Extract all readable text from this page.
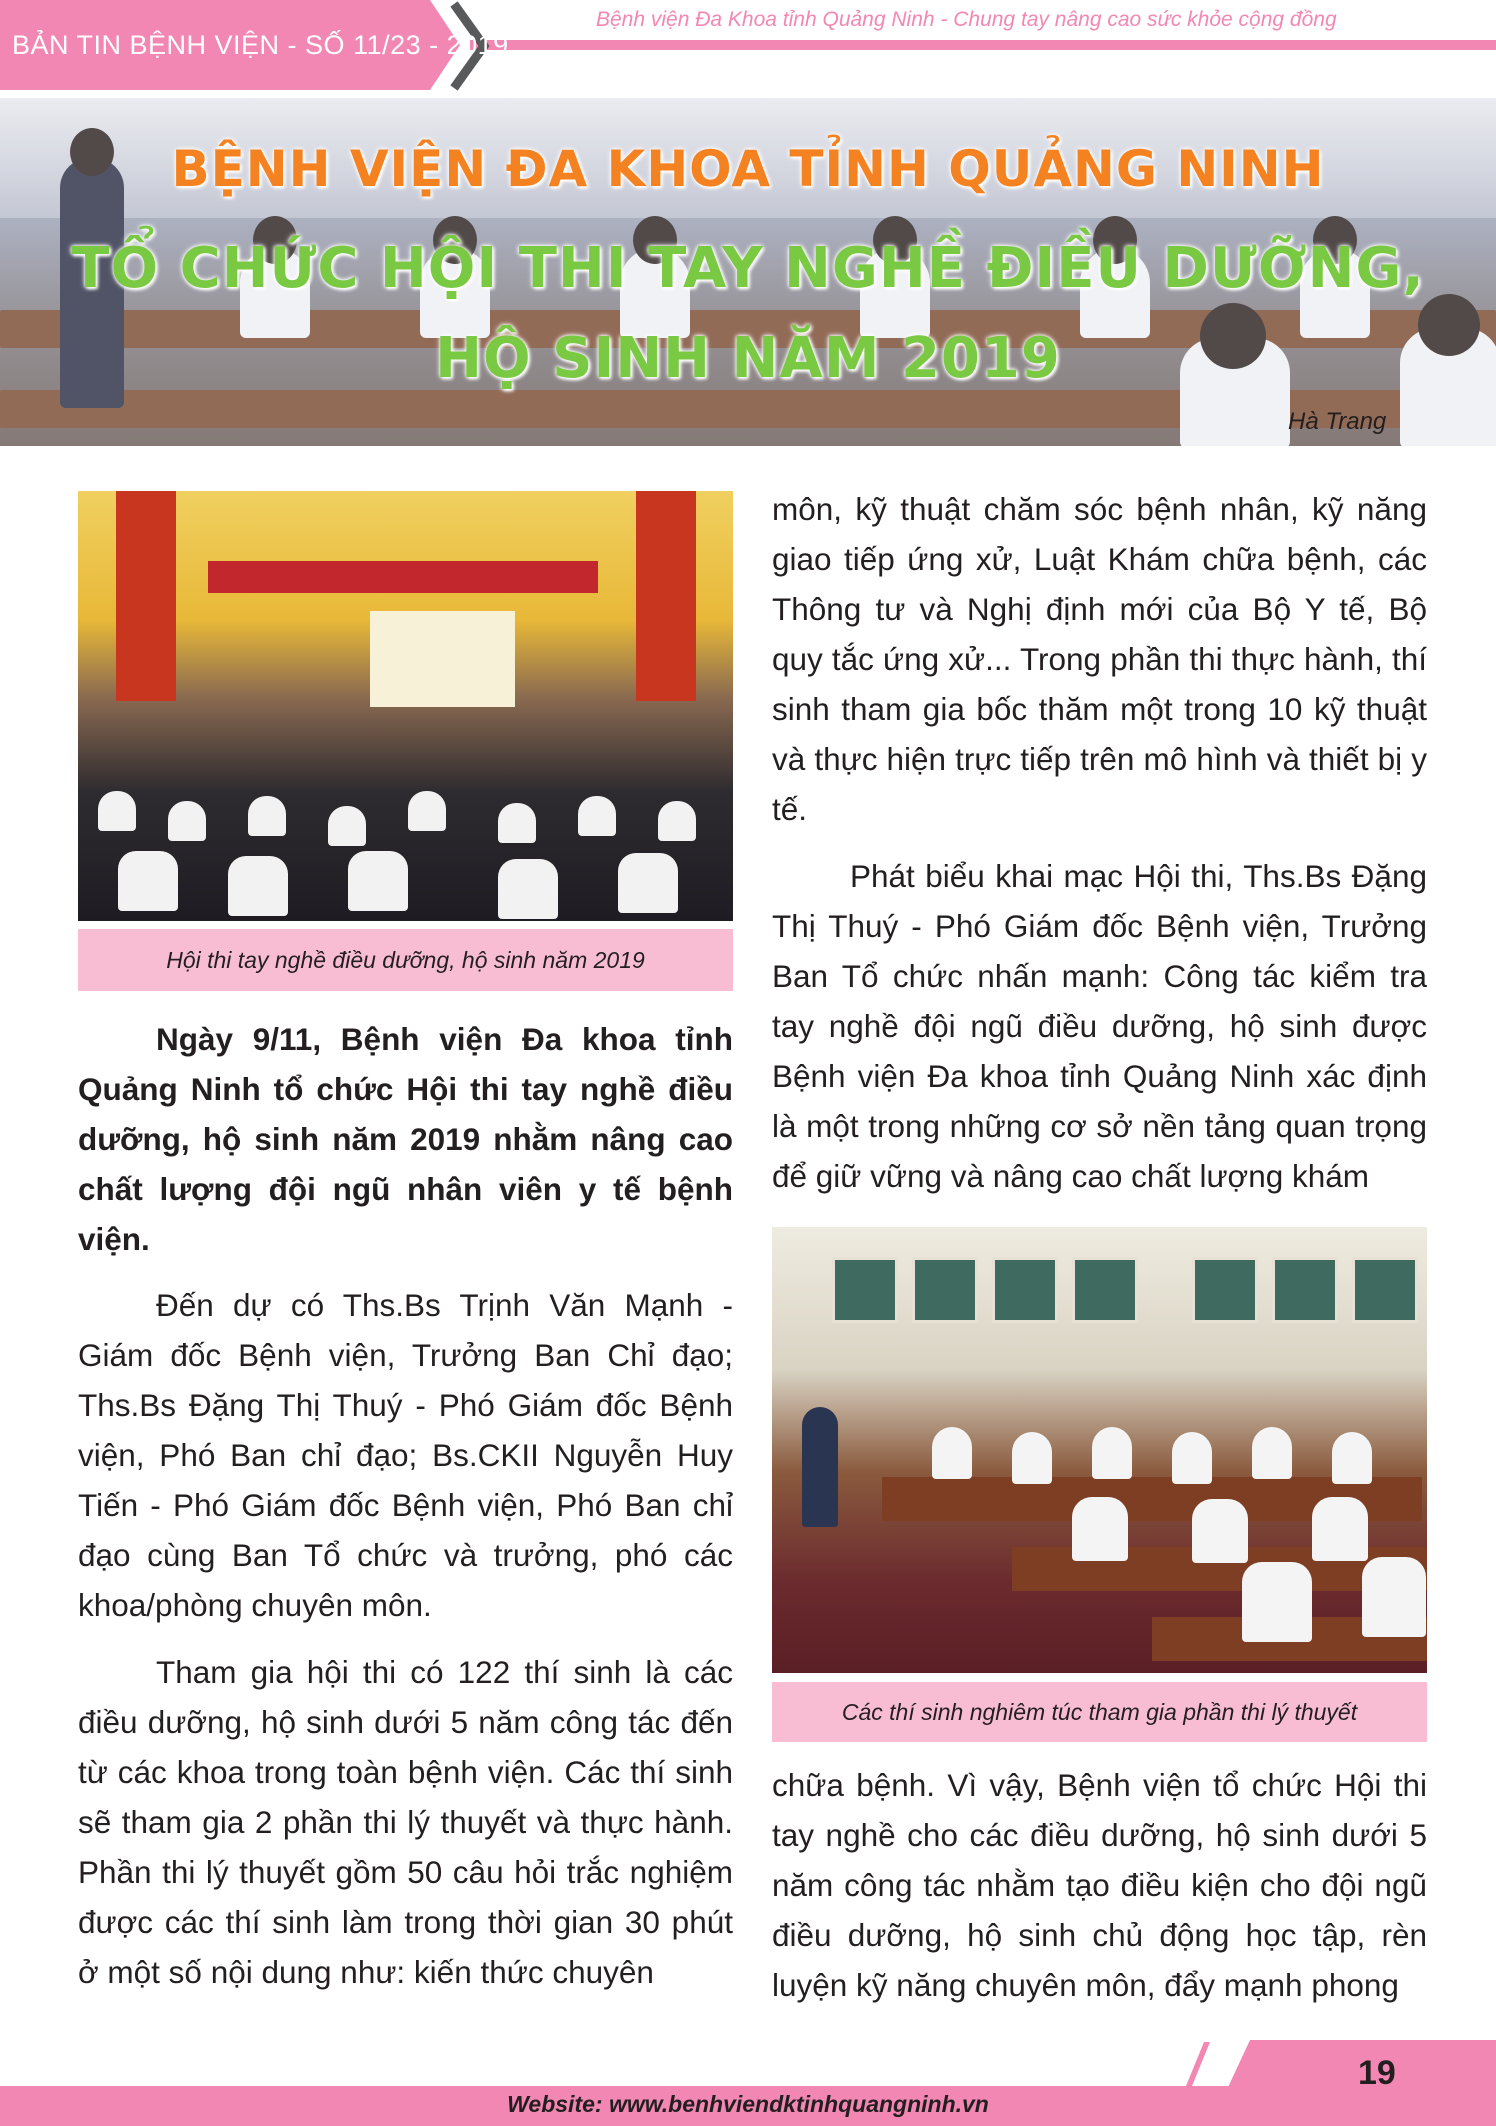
BẢN TIN BỆNH VIỆN - SỐ 11/23 - 2019
Bệnh viện Đa Khoa tỉnh Quảng Ninh - Chung tay nâng cao sức khỏe cộng đồng
BỆNH VIỆN ĐA KHOA TỈNH QUẢNG NINH
TỔ CHỨC HỘI THI TAY NGHỀ ĐIỀU DƯỠNG,
HỘ SINH NĂM 2019
Hà Trang
Hội thi tay nghề điều dưỡng, hộ sinh năm 2019

Ngày 9/11, Bệnh viện Đa khoa tỉnh Quảng Ninh tổ chức Hội thi tay nghề điều dưỡng, hộ sinh năm 2019 nhằm nâng cao chất lượng đội ngũ nhân viên y tế bệnh viện.

Đến dự có Ths.Bs Trịnh Văn Mạnh - Giám đốc Bệnh viện, Trưởng Ban Chỉ đạo; Ths.Bs Đặng Thị Thuý - Phó Giám đốc Bệnh viện, Phó Ban chỉ đạo; Bs.CKII Nguyễn Huy Tiến - Phó Giám đốc Bệnh viện, Phó Ban chỉ đạo cùng Ban Tổ chức và trưởng, phó các khoa/phòng chuyên môn.

Tham gia hội thi có 122 thí sinh là các điều dưỡng, hộ sinh dưới 5 năm công tác đến từ các khoa trong toàn bệnh viện. Các thí sinh sẽ tham gia 2 phần thi lý thuyết và thực hành. Phần thi lý thuyết gồm 50 câu hỏi trắc nghiệm được các thí sinh làm trong thời gian 30 phút ở một số nội dung như: kiến thức chuyên

môn, kỹ thuật chăm sóc bệnh nhân, kỹ năng giao tiếp ứng xử, Luật Khám chữa bệnh, các Thông tư và Nghị định mới của Bộ Y tế, Bộ quy tắc ứng xử... Trong phần thi thực hành, thí sinh tham gia bốc thăm một trong 10 kỹ thuật và thực hiện trực tiếp trên mô hình và thiết bị y tế.

Phát biểu khai mạc Hội thi, Ths.Bs Đặng Thị Thuý - Phó Giám đốc Bệnh viện, Trưởng Ban Tổ chức nhấn mạnh: Công tác kiểm tra tay nghề đội ngũ điều dưỡng, hộ sinh được Bệnh viện Đa khoa tỉnh Quảng Ninh xác định là một trong những cơ sở nền tảng quan trọng để giữ vững và nâng cao chất lượng khám

Các thí sinh nghiêm túc tham gia phần thi lý thuyết

chữa bệnh. Vì vậy, Bệnh viện tổ chức Hội thi tay nghề cho các điều dưỡng, hộ sinh dưới 5 năm công tác nhằm tạo điều kiện cho đội ngũ điều dưỡng, hộ sinh chủ động học tập, rèn luyện kỹ năng chuyên môn, đẩy mạnh phong

19
Website: www.benhviendktinhquangninh.vn
